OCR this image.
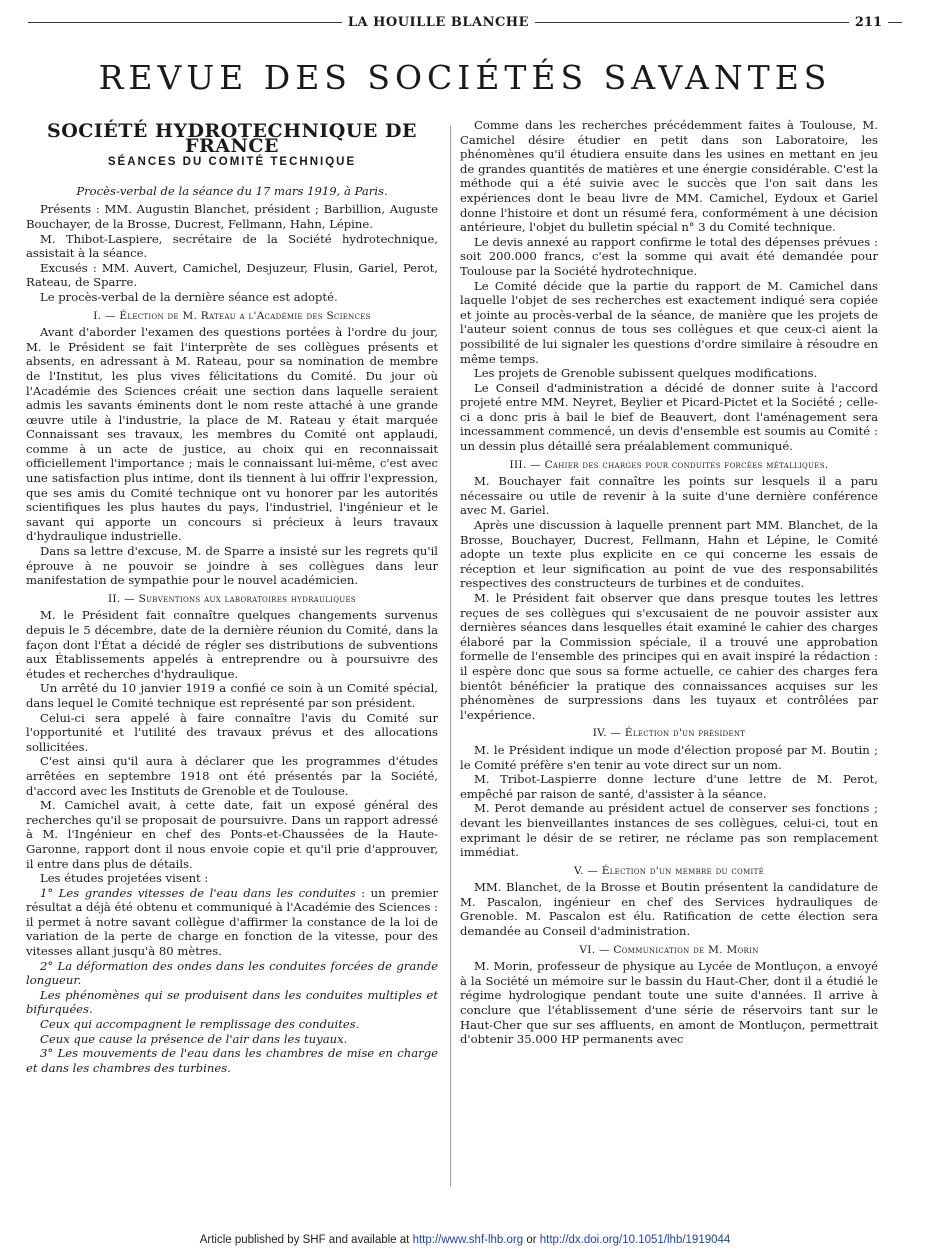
LA HOUILLE BLANCHE	211
REVUE DES SOCIÉTÉS SAVANTES
SOCIÉTÉ HYDROTECHNIQUE DE FRANCE
SÉANCES DU COMITÉ TECHNIQUE
Procès-verbal de la séance du 17 mars 1919, à Paris.

Présents : MM. Augustin Blanchet, président ; Barbillion, Auguste Bouchayer, de la Brosse, Ducrest, Fellmann, Hahn, Lépine.

M. Thibot-Laspiere, secrétaire de la Société hydrotechnique, assistait à la séance.

Excusés : MM. Auvert, Camichel, Desjuzeur, Flusin, Gariel, Perot, Rateau, de Sparre.

Le procès-verbal de la dernière séance est adopté.

I. — Élection de M. Rateau a l'Académie des Sciences

Avant d'aborder l'examen des questions portées à l'ordre du jour, M. le Président se fait l'interprète de ses collègues présents et absents, en adressant à M. Rateau, pour sa nomination de membre de l'Institut, les plus vives félicitations du Comité. Du jour où l'Académie des Sciences créait une section dans laquelle seraient admis les savants éminents dont le nom reste attaché à une grande œuvre utile à l'industrie, la place de M. Rateau y était marquée Connaissant ses travaux, les membres du Comité ont applaudi, comme à un acte de justice, au choix qui en reconnaissait officiellement l'importance ; mais le connaissant lui-même, c'est avec une satisfaction plus intime, dont ils tiennent à lui offrir l'expression, que ses amis du Comité technique ont vu honorer par les autorités scientifiques les plus hautes du pays, l'industriel, l'ingénieur et le savant qui apporte un concours si précieux à leurs travaux d'hydraulique industrielle.

Dans sa lettre d'excuse, M. de Sparre a insisté sur les regrets qu'il éprouve à ne pouvoir se joindre à ses collègues dans leur manifestation de sympathie pour le nouvel académicien.

II. — Subventions aux laboratoires hydrauliques

M. le Président fait connaître quelques changements survenus depuis le 5 décembre, date de la dernière réunion du Comité, dans la façon dont l'État a décidé de régler ses distributions de subventions aux Établissements appelés à entreprendre ou à poursuivre des études et recherches d'hydraulique.

Un arrêté du 10 janvier 1919 a confié ce soin à un Comité spécial, dans lequel le Comité technique est représenté par son président.

Celui-ci sera appelé à faire connaître l'avis du Comité sur l'opportunité et l'utilité des travaux prévus et des allocations sollicitées.

C'est ainsi qu'il aura à déclarer que les programmes d'études arrêtées en septembre 1918 ont été présentés par la Société, d'accord avec les Instituts de Grenoble et de Toulouse.

M. Camichel avait, à cette date, fait un exposé général des recherches qu'il se proposait de poursuivre. Dans un rapport adressé à M. l'Ingénieur en chef des Ponts-et-Chaussées de la Haute-Garonne, rapport dont il nous envoie copie et qu'il prie d'approuver, il entre dans plus de détails.

Les études projetées visent :

1° Les grandes vitesses de l'eau dans les conduites : un premier résultat a déjà été obtenu et communiqué à l'Académie des Sciences : il permet à notre savant collègue d'affirmer la constance de la loi de variation de la perte de charge en fonction de la vitesse, pour des vitesses allant jusqu'à 80 mètres.

2° La déformation des ondes dans les conduites forcées de grande longueur.

Les phénomènes qui se produisent dans les conduites multiples et bifurquées.

Ceux qui accompagnent le remplissage des conduites.

Ceux que cause la présence de l'air dans les tuyaux.

3° Les mouvements de l'eau dans les chambres de mise en charge et dans les chambres des turbines.

Comme dans les recherches précédemment faites à Toulouse, M. Camichel désire étudier en petit dans son Laboratoire, les phénomènes qu'il étudiera ensuite dans les usines en mettant en jeu de grandes quantités de matières et une énergie considérable. C'est la méthode qui a été suivie avec le succès que l'on sait dans les expériences dont le beau livre de MM. Camichel, Eydoux et Gariel donne l'histoire et dont un résumé fera, conformément à une décision antérieure, l'objet du bulletin spécial n° 3 du Comité technique.

Le devis annexé au rapport confirme le total des dépenses prévues : soit 200.000 francs, c'est la somme qui avait été demandée pour Toulouse par la Société hydrotechnique.

Le Comité décide que la partie du rapport de M. Camichel dans laquelle l'objet de ses recherches est exactement indiqué sera copiée et jointe au procès-verbal de la séance, de manière que les projets de l'auteur soient connus de tous ses collègues et que ceux-ci aient la possibilité de lui signaler les questions d'ordre similaire à résoudre en même temps.

Les projets de Grenoble subissent quelques modifications.

Le Conseil d'administration a décidé de donner suite à l'accord projeté entre MM. Neyret, Beylier et Picard-Pictet et la Société ; celle-ci a donc pris à bail le bief de Beauvert, dont l'aménagement sera incessamment commencé, un devis d'ensemble est soumis au Comité : un dessin plus détaillé sera préalablement communiqué.

III. — Cahier des charges pour conduites forcées métalliques.

M. Bouchayer fait connaître les points sur lesquels il a paru nécessaire ou utile de revenir à la suite d'une dernière conférence avec M. Gariel.

Après une discussion à laquelle prennent part MM. Blanchet, de la Brosse, Bouchayer, Ducrest, Fellmann, Hahn et Lépine, le Comité adopte un texte plus explicite en ce qui concerne les essais de réception et leur signification au point de vue des responsabilités respectives des constructeurs de turbines et de conduites.

M. le Président fait observer que dans presque toutes les lettres reçues de ses collègues qui s'excusaient de ne pouvoir assister aux dernières séances dans lesquelles était examiné le cahier des charges élaboré par la Commission spéciale, il a trouvé une approbation formelle de l'ensemble des principes qui en avait inspiré la rédaction : il espère donc que sous sa forme actuelle, ce cahier des charges fera bientôt bénéficier la pratique des connaissances acquises sur les phénomènes de surpressions dans les tuyaux et contrôlées par l'expérience.

IV. — Élection d'un président

M. le Président indique un mode d'élection proposé par M. Boutin ; le Comité préfère s'en tenir au vote direct sur un nom.

M. Tribot-Laspierre donne lecture d'une lettre de M. Perot, empêché par raison de santé, d'assister à la séance.

M. Perot demande au président actuel de conserver ses fonctions ; devant les bienveillantes instances de ses collègues, celui-ci, tout en exprimant le désir de se retirer, ne réclame pas son remplacement immédiat.

V. — Élection d'un membre du comité

MM. Blanchet, de la Brosse et Boutin présentent la candidature de M. Pascalon, ingénieur en chef des Services hydrauliques de Grenoble. M. Pascalon est élu. Ratification de cette élection sera demandée au Conseil d'administration.

VI. — Communication de M. Morin

M. Morin, professeur de physique au Lycée de Montluçon, a envoyé à la Société un mémoire sur le bassin du Haut-Cher, dont il a étudié le régime hydrologique pendant toute une suite d'années. Il arrive à conclure que l'établissement d'une série de réservoirs tant sur le Haut-Cher que sur ses affluents, en amont de Montluçon, permettrait d'obtenir 35.000 HP permanents avec

Article published by SHF and available at http://www.shf-lhb.org or http://dx.doi.org/10.1051/lhb/1919044
